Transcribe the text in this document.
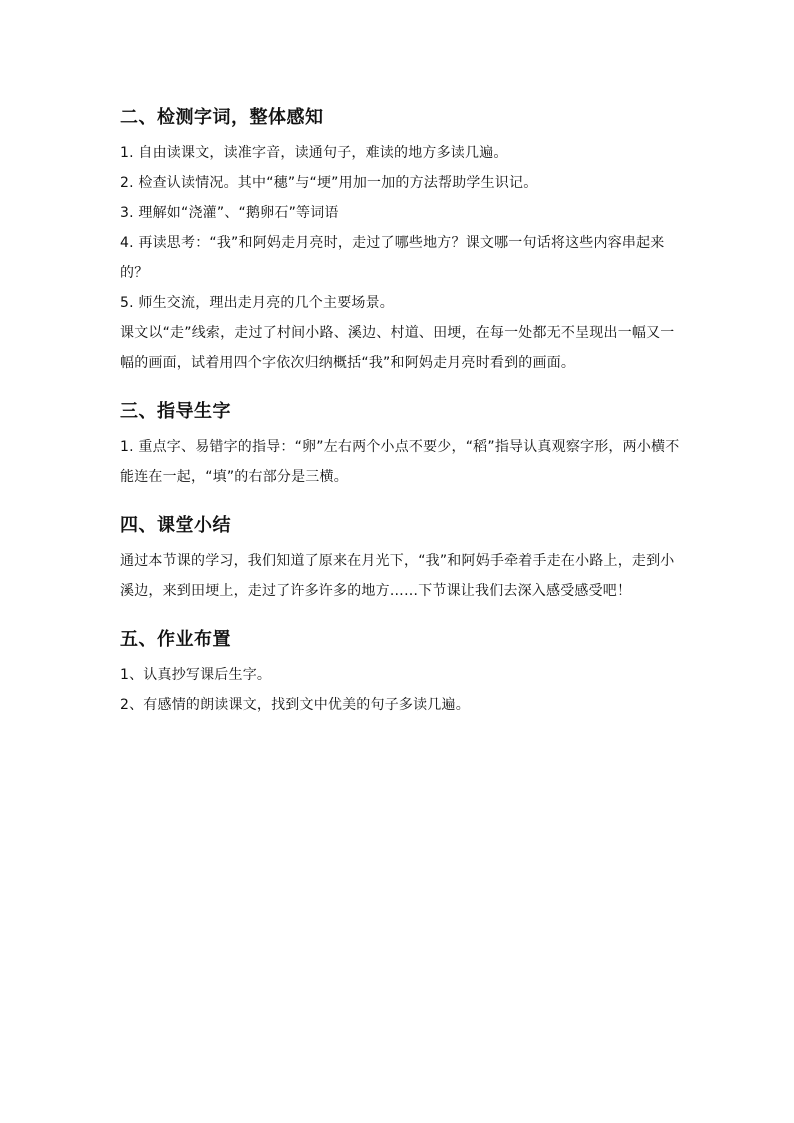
二、检测字词，整体感知

1. 自由读课文，读准字音，读通句子，难读的地方多读几遍。

2. 检查认读情况。其中“穗”与“埂”用加一加的方法帮助学生识记。

3. 理解如“浇灌”、“鹅卵石”等词语

4. 再读思考：“我”和阿妈走月亮时，走过了哪些地方？课文哪一句话将这些内容串起来的？

5. 师生交流，理出走月亮的几个主要场景。

课文以“走”线索，走过了村间小路、溪边、村道、田埂，在每一处都无不呈现出一幅又一幅的画面，试着用四个字依次归纳概括“我”和阿妈走月亮时看到的画面。

三、指导生字

1. 重点字、易错字的指导：“卵”左右两个小点不要少，“稻”指导认真观察字形，两小横不能连在一起，“填”的右部分是三横。

四、课堂小结

通过本节课的学习，我们知道了原来在月光下，“我”和阿妈手牵着手走在小路上，走到小溪边，来到田埂上，走过了许多许多的地方……下节课让我们去深入感受感受吧！

五、作业布置

1、认真抄写课后生字。

2、有感情的朗读课文，找到文中优美的句子多读几遍。
